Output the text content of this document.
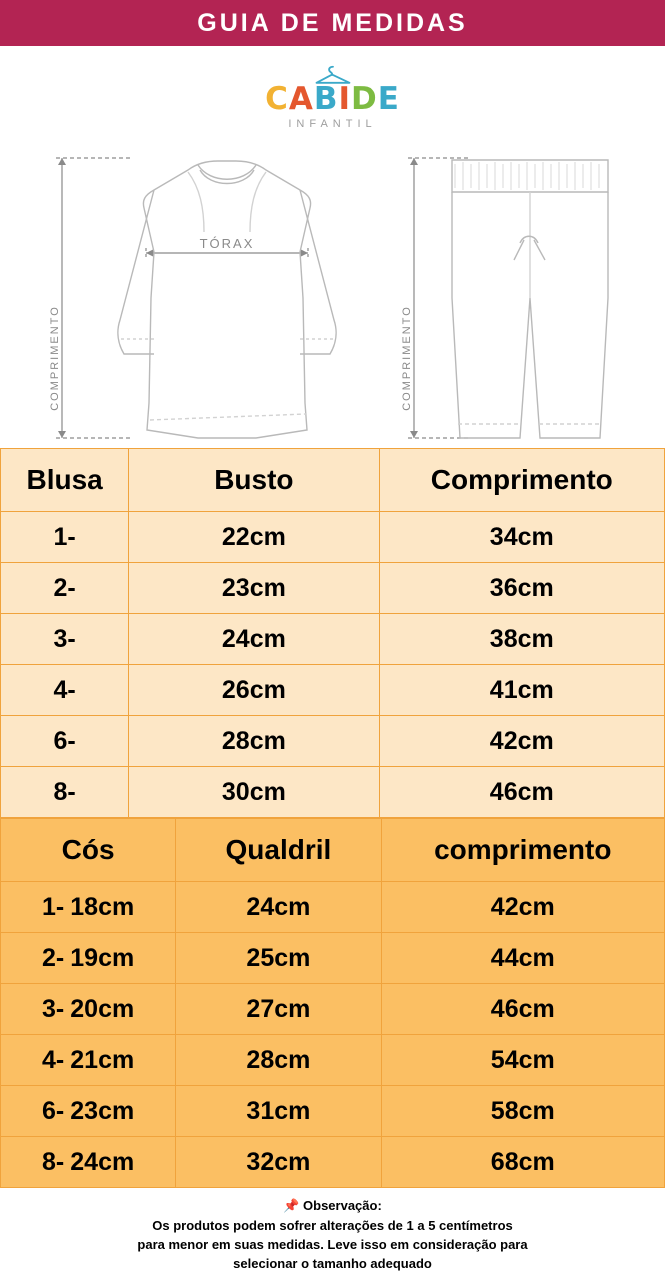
GUIA DE MEDIDAS
CABIDE
INFANTIL
COMPRIMENTO
TÓRAX
COMPRIMENTO
Blusa	Busto	Comprimento
1-	22cm	34cm
2-	23cm	36cm
3-	24cm	38cm
4-	26cm	41cm
6-	28cm	42cm
8-	30cm	46cm
Cós	Qualdril	comprimento

1- 18cm	24cm	42cm

2- 19cm	25cm	44cm

3- 20cm	27cm	46cm

4- 21cm	28cm	54cm

6- 23cm	31cm	58cm

8- 24cm	32cm	68cm
📌 Observação:
Os produtos podem sofrer alterações de 1 a 5 centímetros
para menor em suas medidas. Leve isso em consideração para
selecionar o tamanho adequado
